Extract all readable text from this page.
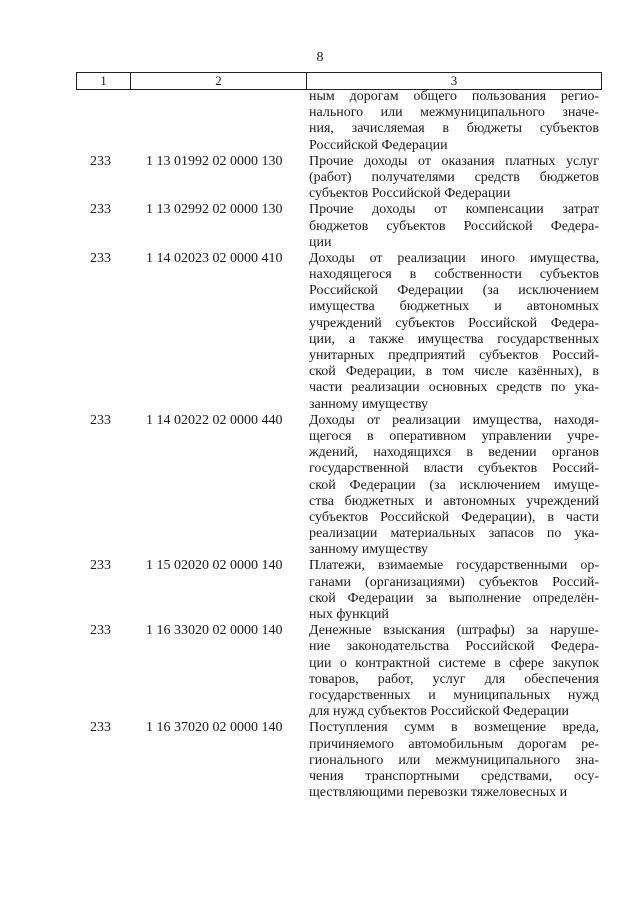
8
1	2	3
ным дорогам общего пользования регио-
нального или межмуниципального значе-
ния, зачисляемая в бюджеты субъектов
Российской Федерации
233	1 13 01992 02 0000 130	Прочие доходы от оказания платных услуг
(работ) получателями средств бюджетов
субъектов Российской Федерации
233	1 13 02992 02 0000 130	Прочие доходы от компенсации затрат
бюджетов субъектов Российской Федера-
ции
233	1 14 02023 02 0000 410	Доходы от реализации иного имущества,
находящегося в собственности субъектов
Российской Федерации (за исключением
имущества бюджетных и автономных
учреждений субъектов Российской Федера-
ции, а также имущества государственных
унитарных предприятий субъектов Россий-
ской Федерации, в том числе казённых), в
части реализации основных средств по ука-
занному имуществу
233	1 14 02022 02 0000 440	Доходы от реализации имущества, находя-
щегося в оперативном управлении учре-
ждений, находящихся в ведении органов
государственной власти субъектов Россий-
ской Федерации (за исключением имуще-
ства бюджетных и автономных учреждений
субъектов Российской Федерации), в части
реализации материальных запасов по ука-
занному имуществу
233	1 15 02020 02 0000 140	Платежи, взимаемые государственными ор-
ганами (организациями) субъектов Россий-
ской Федерации за выполнение определён-
ных функций
233	1 16 33020 02 0000 140	Денежные взыскания (штрафы) за наруше-
ние законодательства Российской Федера-
ции о контрактной системе в сфере закупок
товаров, работ, услуг для обеспечения
государственных и муниципальных нужд
для нужд субъектов Российской Федерации
233	1 16 37020 02 0000 140	Поступления сумм в возмещение вреда,
причиняемого автомобильным дорогам ре-
гионального или межмуниципального зна-
чения транспортными средствами, осу-
ществляющими перевозки тяжеловесных и
